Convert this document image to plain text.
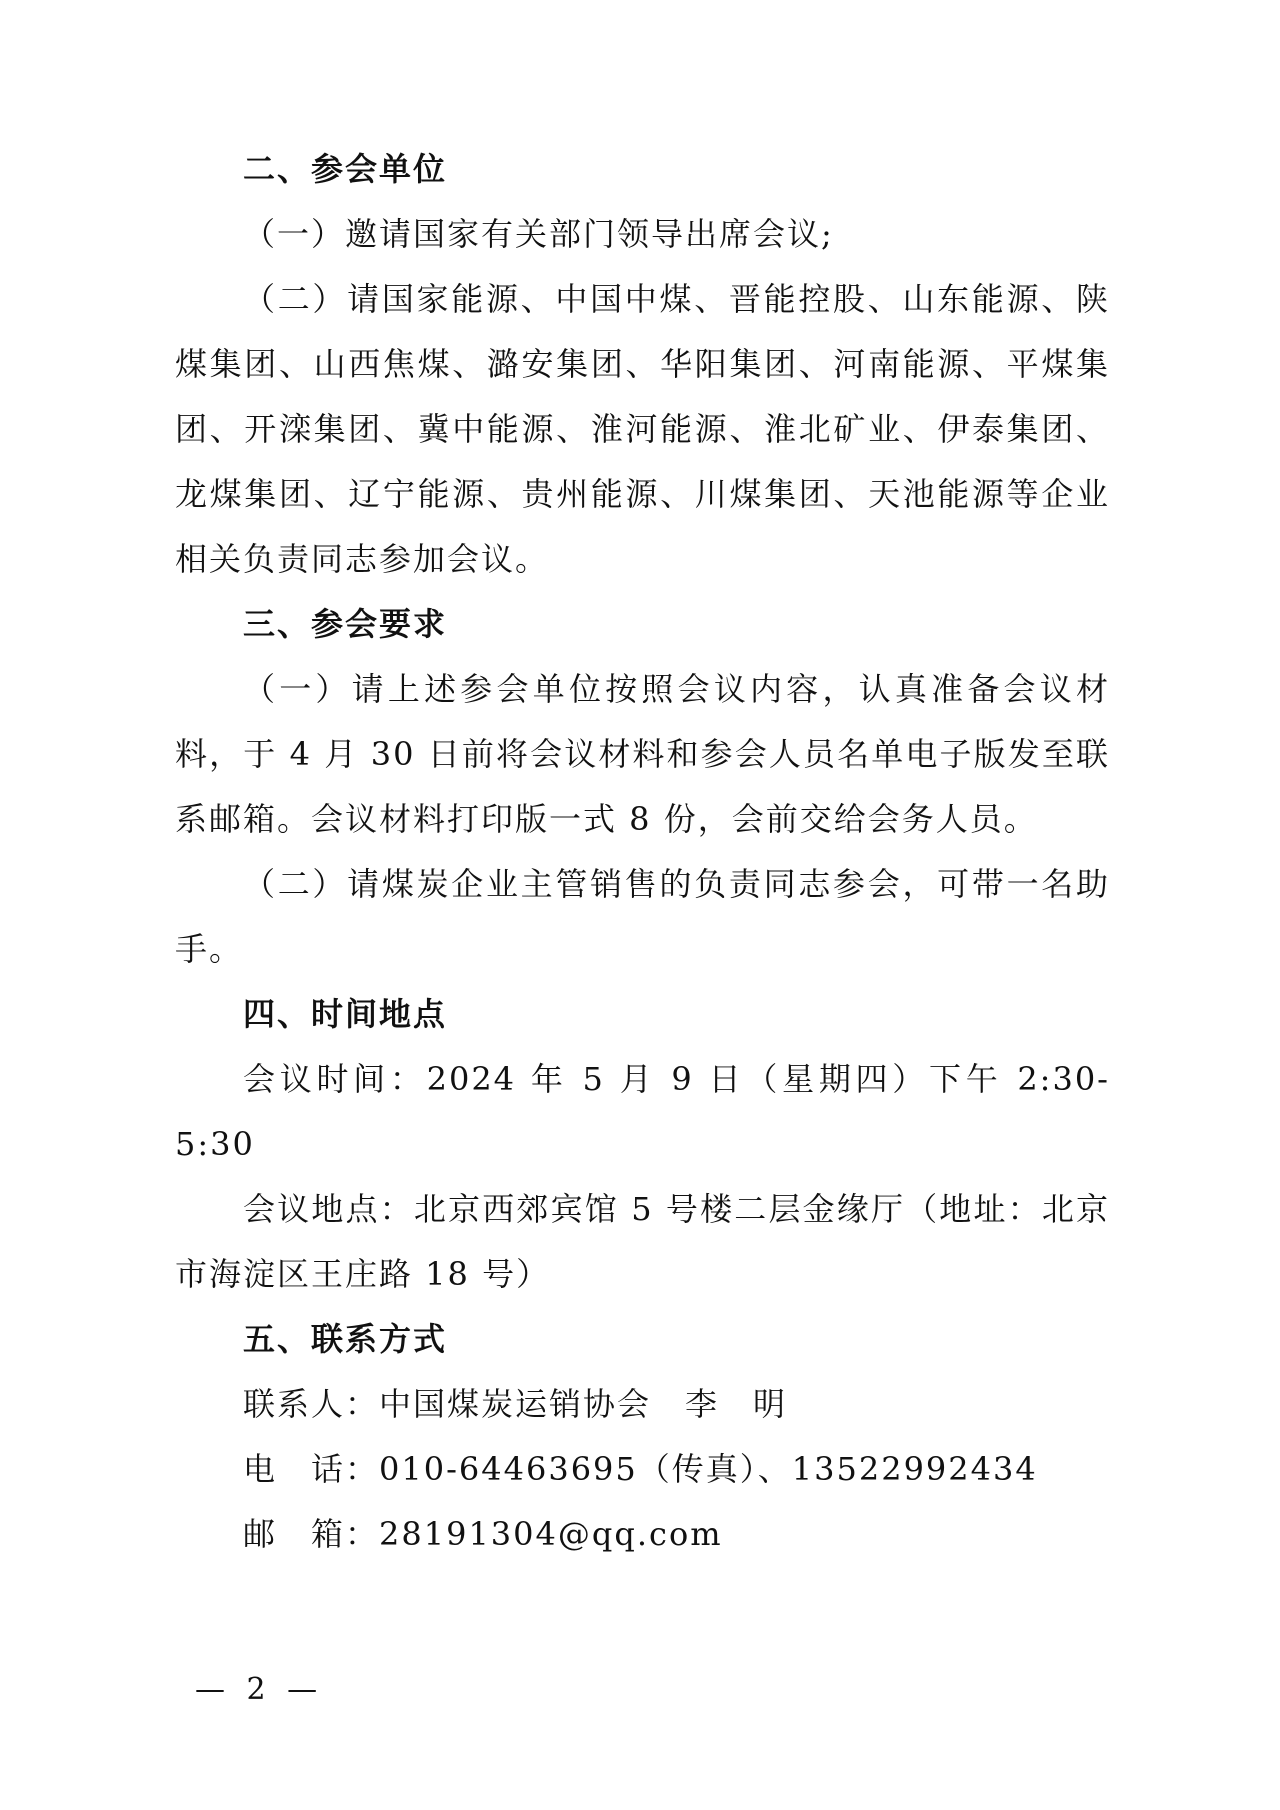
二、参会单位

（一）邀请国家有关部门领导出席会议;

（二）请国家能源、中国中煤、晋能控股、山东能源、陕煤集团、山西焦煤、潞安集团、华阳集团、河南能源、平煤集团、开滦集团、冀中能源、淮河能源、淮北矿业、伊泰集团、龙煤集团、辽宁能源、贵州能源、川煤集团、天池能源等企业相关负责同志参加会议。

三、参会要求

（一）请上述参会单位按照会议内容，认真准备会议材料，于 4 月 30 日前将会议材料和参会人员名单电子版发至联系邮箱。会议材料打印版一式 8 份，会前交给会务人员。

（二）请煤炭企业主管销售的负责同志参会，可带一名助手。

四、时间地点

会议时间：2024 年 5 月 9 日（星期四）下午 2:30-5:30

会议地点：北京西郊宾馆 5 号楼二层金缘厅（地址：北京市海淀区王庄路 18 号）

五、联系方式

联系人：中国煤炭运销协会　李　明

电　话：010-64463695（传真）、13522992434

邮　箱：28191304@qq.com

— 2 —
